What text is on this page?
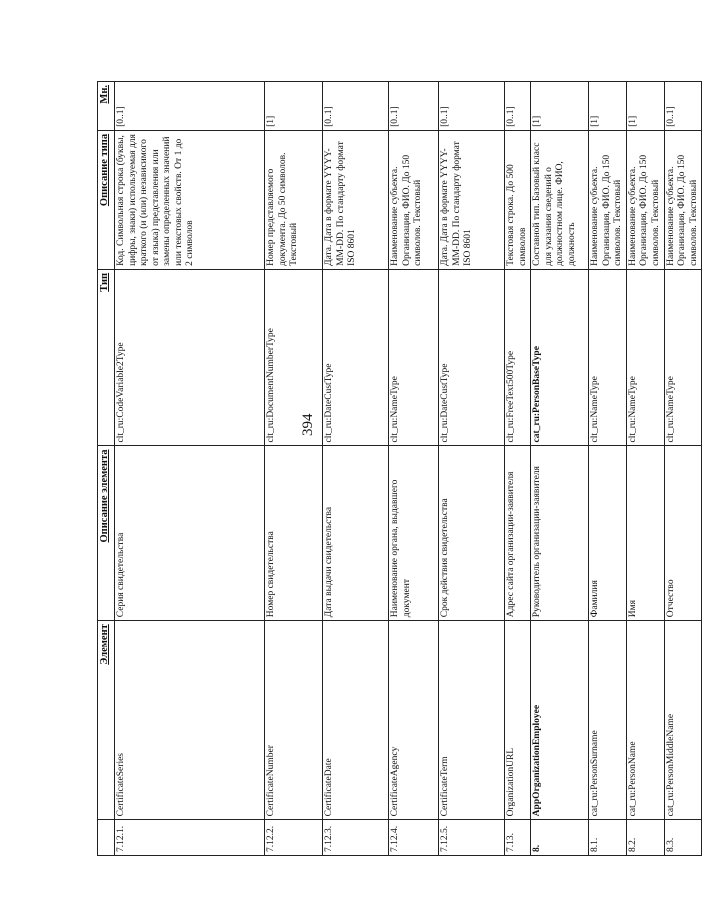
394
	Элемент	Описание элемента	Тип	Описание типа	Мн.
7.12.1.	CertificateSeries	Серия свидетельства	clt_ru:CodeVariable2Type	Код. Символьная строка (буквы, цифры, знаки) используемая для краткого (и (или) независимого от языка) представления или замены определенных значений или текстовых свойств. От 1 до 2 символов	[0..1]
7.12.2.	CertificateNumber	Номер свидетельства	clt_ru:DocumentNumberType	Номер представляемого документа. До 50 символов. Текстовый	[1]
7.12.3.	CertificateDate	Дата выдачи свидетельства	clt_ru:DateCustType	Дата. Дата в формате YYYY-MM-DD. По стандарту формат ISO 8601	[0..1]
7.12.4.	CertificateAgency	Наименование органа, выдавшего документ	clt_ru:NameType	Наименование субъекта. Организация, ФИО. До 150 символов. Текстовый	[0..1]
7.12.5.	CertificateTerm	Срок действия свидетельства	clt_ru:DateCustType	Дата. Дата в формате YYYY-MM-DD. По стандарту формат ISO 8601	[0..1]
7.13.	OrganizationURL	Адрес сайта организации-заявителя	clt_ru:FreeText500Type	Текстовая строка. До 500 символов	[0..1]
8.	AppOrganizationEmployee	Руководитель организации-заявителя	cat_ru:PersonBaseType	Составной тип. Базовый класс для указания сведений о должностном лице. ФИО, должность	[1]
8.1.	cat_ru:PersonSurname	Фамилия	clt_ru:NameType	Наименование субъекта. Организация, ФИО. До 150 символов. Текстовый	[1]
8.2.	cat_ru:PersonName	Имя	clt_ru:NameType	Наименование субъекта. Организация, ФИО. До 150 символов. Текстовый	[1]
8.3.	cat_ru:PersonMiddleName	Отчество	clt_ru:NameType	Наименование субъекта. Организация, ФИО. До 150 символов. Текстовый	[0..1]
